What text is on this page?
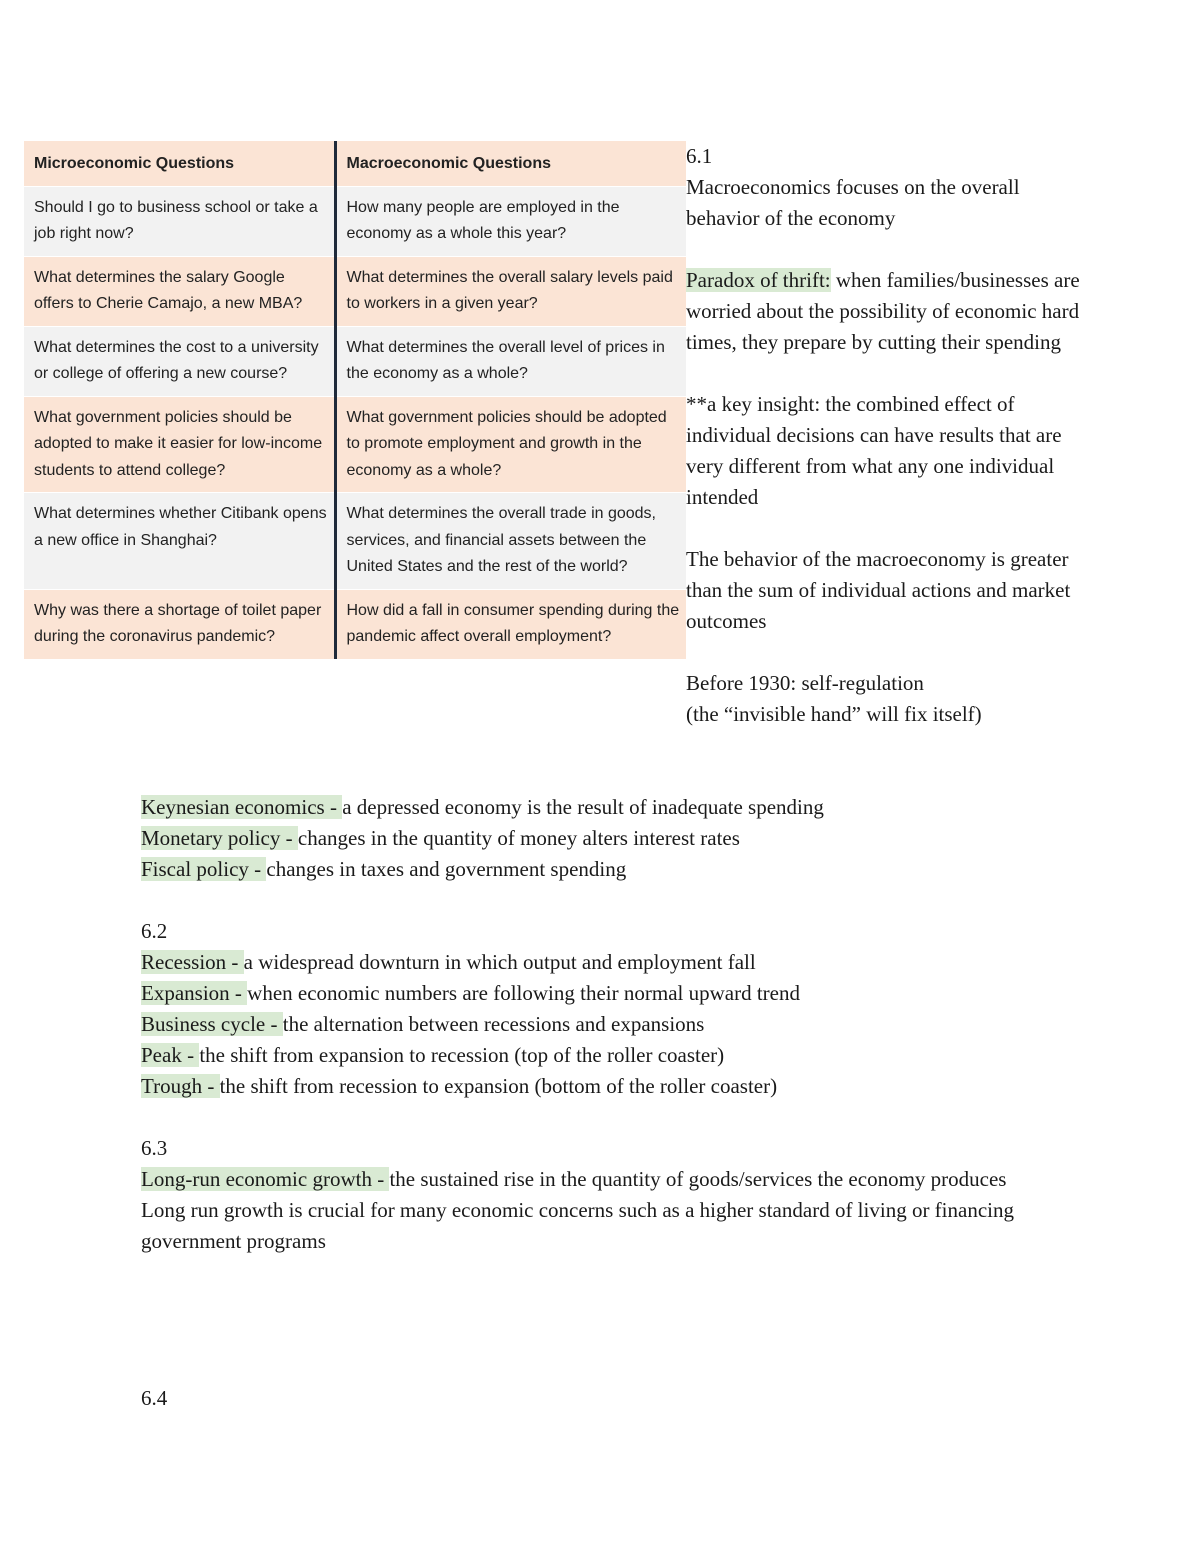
Microeconomic Questions	Macroeconomic Questions
Should I go to business school or take a job right now?	How many people are employed in the economy as a whole this year?
What determines the salary Google offers to Cherie Camajo, a new MBA?	What determines the overall salary levels paid to workers in a given year?
What determines the cost to a university or college of offering a new course?	What determines the overall level of prices in the economy as a whole?
What government policies should be adopted to make it easier for low-income students to attend college?	What government policies should be adopted to promote employment and growth in the economy as a whole?
What determines whether Citibank opens a new office in Shanghai?	What determines the overall trade in goods, services, and financial assets between the United States and the rest of the world?
Why was there a shortage of toilet paper during the coronavirus pandemic?	How did a fall in consumer spending during the pandemic affect overall employment?

6.1

Macroeconomics focuses on the overall behavior of the economy

Paradox of thrift: when families/businesses are worried about the possibility of economic hard times, they prepare by cutting their spending

**a key insight: the combined effect of individual decisions can have results that are very different from what any one individual intended

The behavior of the macroeconomy is greater than the sum of individual actions and market outcomes

Before 1930: self-regulation

(the “invisible hand” will fix itself)

Keynesian economics - a depressed economy is the result of inadequate spending

Monetary policy - changes in the quantity of money alters interest rates

Fiscal policy - changes in taxes and government spending

6.2

Recession - a widespread downturn in which output and employment fall

Expansion - when economic numbers are following their normal upward trend

Business cycle - the alternation between recessions and expansions

Peak - the shift from expansion to recession (top of the roller coaster)

Trough - the shift from recession to expansion (bottom of the roller coaster)

6.3

Long-run economic growth - the sustained rise in the quantity of goods/services the economy produces

Long run growth is crucial for many economic concerns such as a higher standard of living or financing government programs

6.4
